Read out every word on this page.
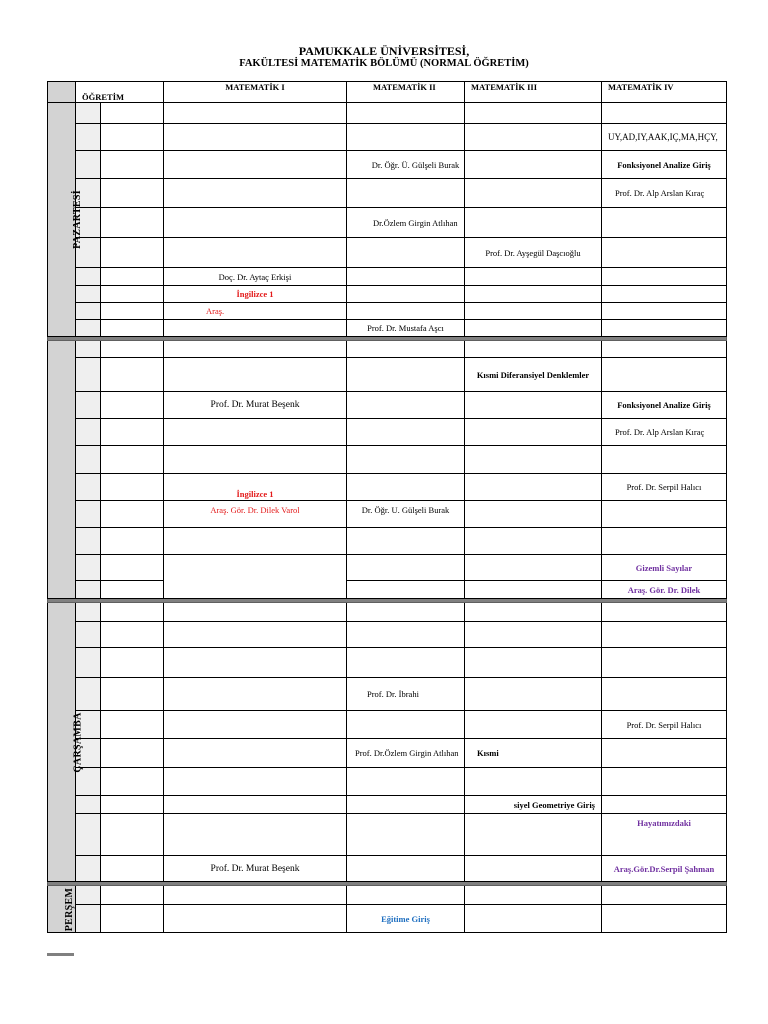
PAMUKKALE ÜNİVERSİTESİ,
FAKÜLTESİ MATEMATİK BÖLÜMÜ (NORMAL ÖĞRETİM)
	ÖĞRETİM		MATEMATİK I	MATEMATİK II	MATEMATİK III	MATEMATİK IV
PAZARTESİ						
						UY,AD,IY,AAK,IÇ,MA,HÇY,
				Dr. Öğr. Ü. Gülşeli Burak		Fonksiyonel Analize Giriş
						Prof. Dr. Alp Arslan Kıraç
				Dr.Özlem Girgin Atlıhan		
					Prof. Dr. Ayşegül Daşcıoğlu	
			Doç. Dr. Aytaç Erkişi			
			İngilizce 1			
			Araş.			
				Prof. Dr. Mustafa Aşcı		

					Kısmi Diferansiyel Denklemler	
			Prof. Dr. Murat Beşenk			Fonksiyonel Analize Giriş
						Prof. Dr. Alp Arslan Kıraç

			İngilizce 1			Prof. Dr. Serpil Halıcı
			Araş. Gör. Dr. Dilek Varol	Dr. Öğr. U. Gülşeli Burak		

						Gizemli Sayılar
						Araş. Gör. Dr. Dilek

ÇARŞAMBA						

				Prof. Dr. İbrahi		
						Prof. Dr. Serpil Halıcı
				Prof. Dr.Özlem Girgin Atlıhan	Kısmi	

					siyel Geometriye Giriş	
						Hayatımızdaki
			Prof. Dr. Murat Beşenk			Araş.Gör.Dr.Serpil Şahman

PERŞEM						
				Eğitime Giriş		
